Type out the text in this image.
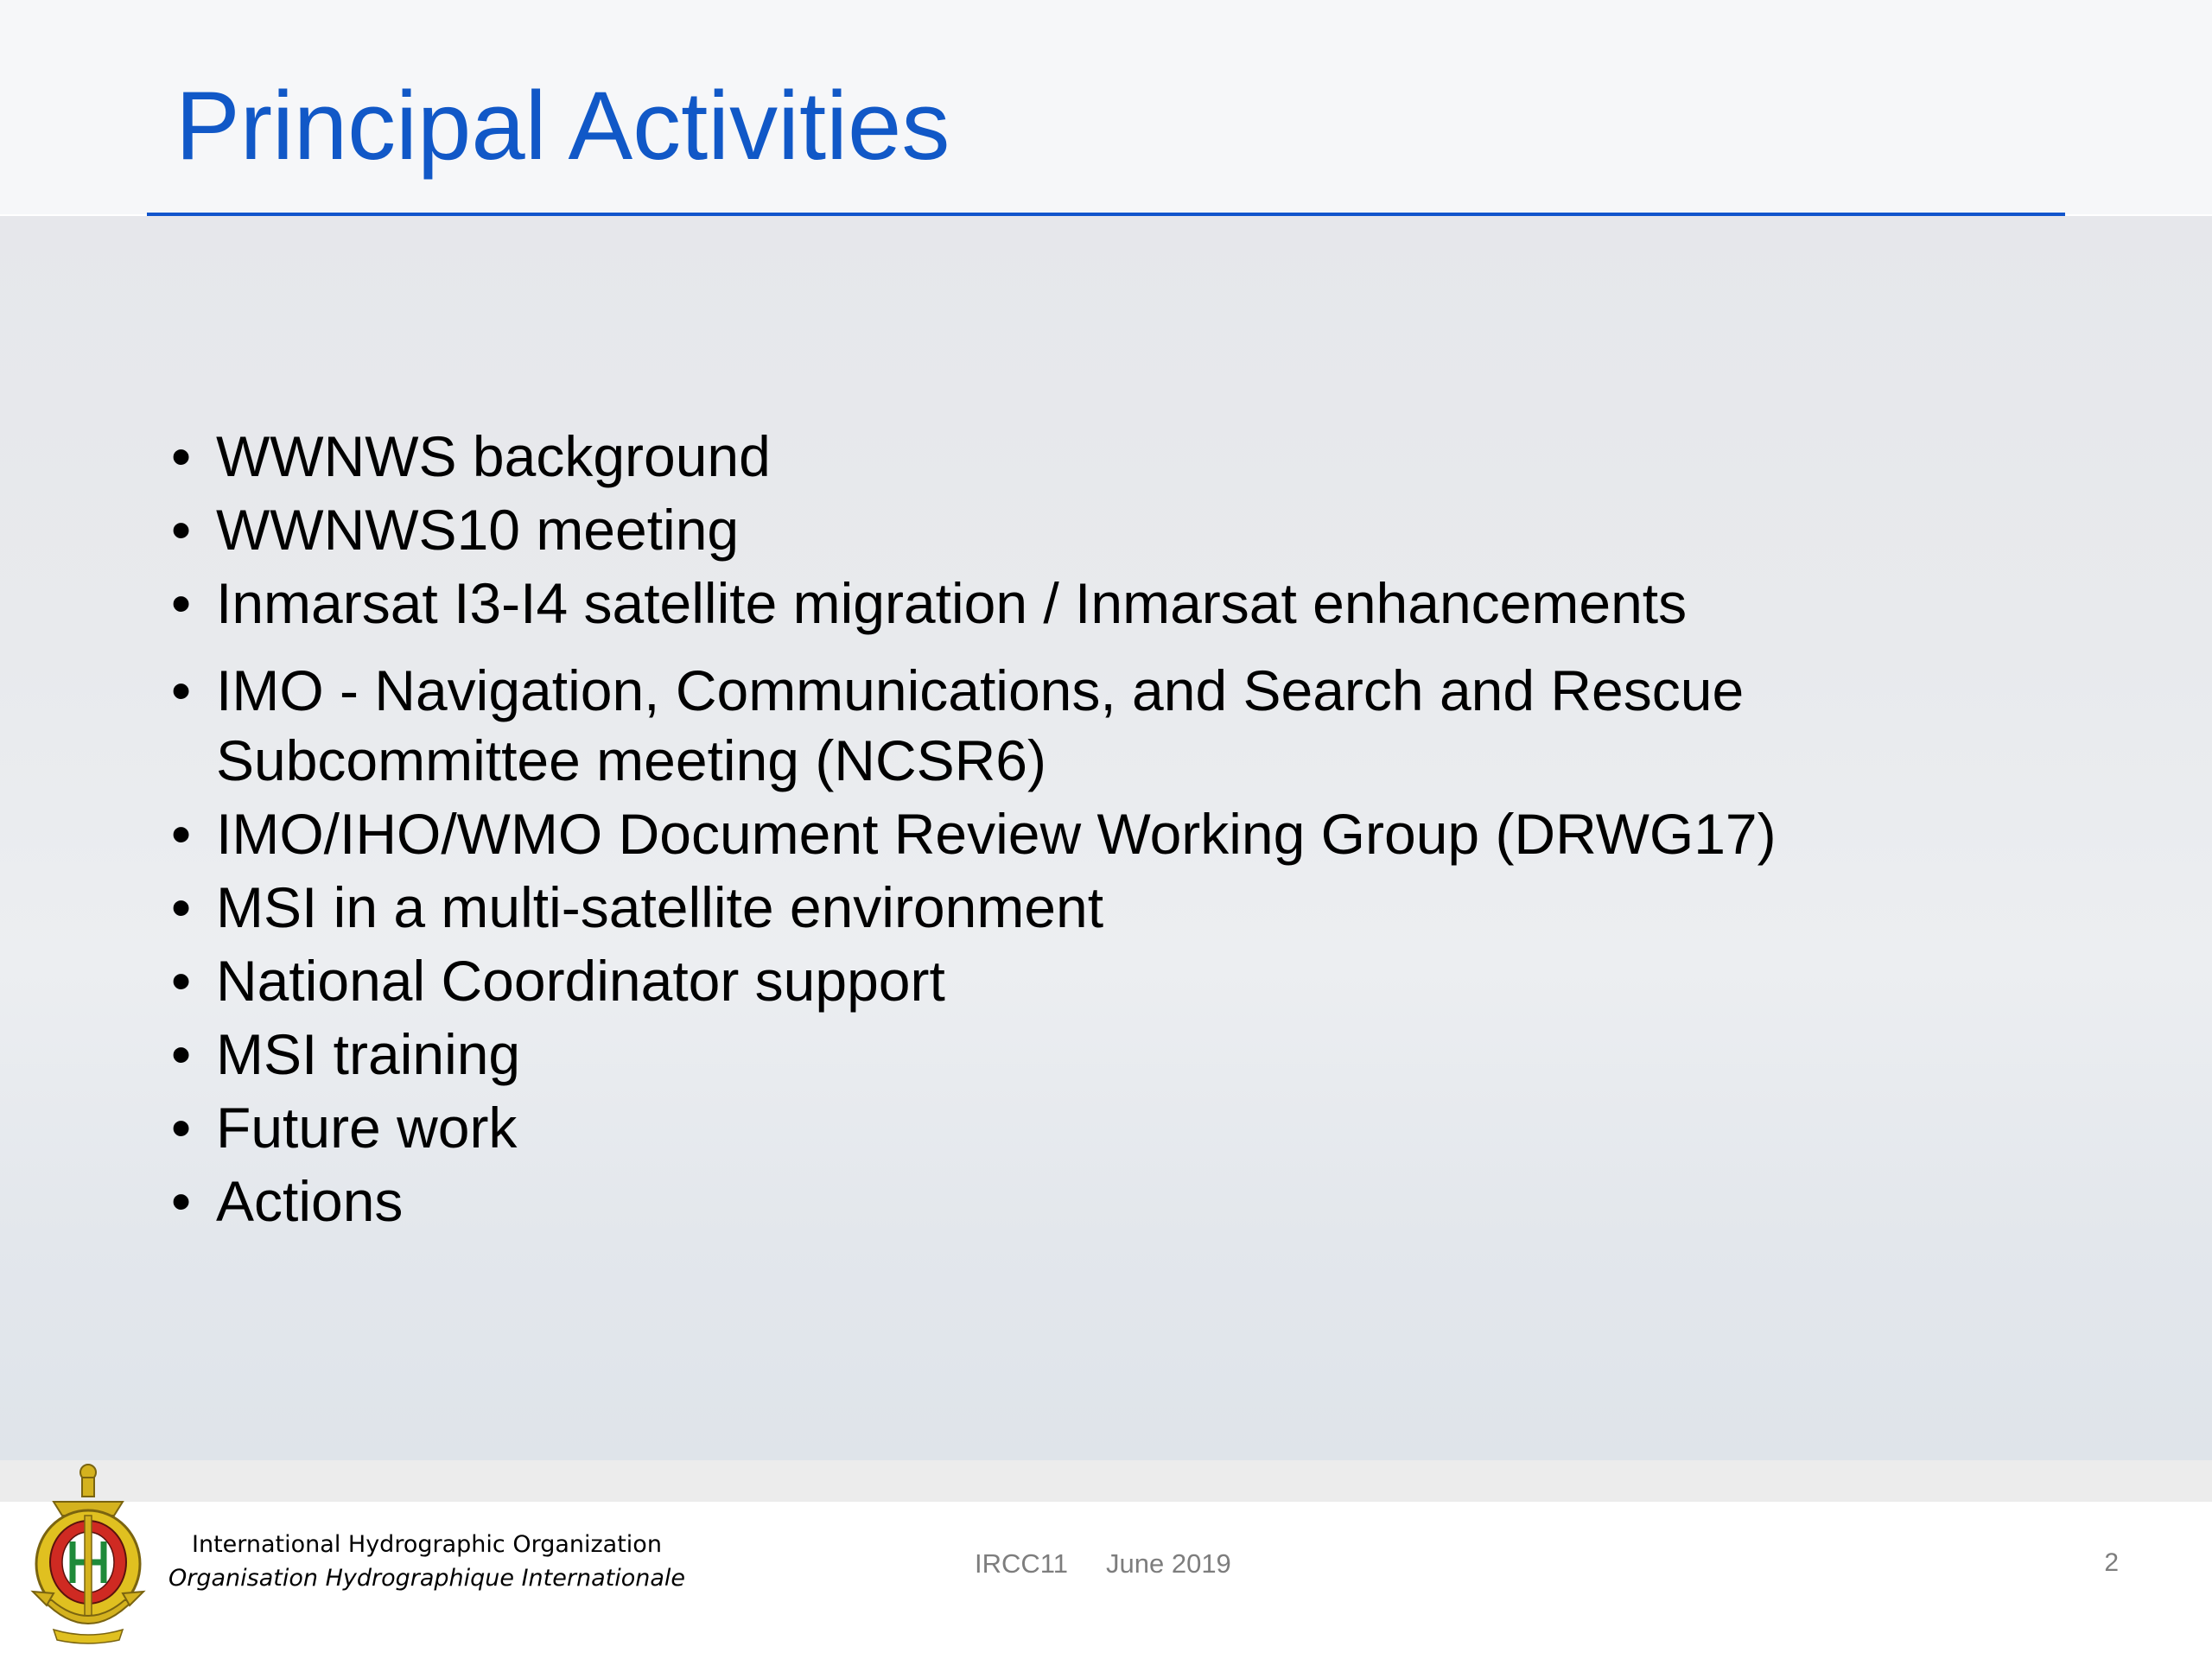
Principal Activities
• WWNWS background
• WWNWS10 meeting
• Inmarsat I3-I4 satellite migration / Inmarsat enhancements
• IMO - Navigation, Communications, and Search and Rescue Subcommittee meeting (NCSR6)
• IMO/IHO/WMO Document Review Working Group (DRWG17)
• MSI in a multi-satellite environment
• National Coordinator support
• MSI training
• Future work
• Actions
International Hydrographic Organization
Organisation Hydrographique Internationale	IRCC11 June 2019	2
